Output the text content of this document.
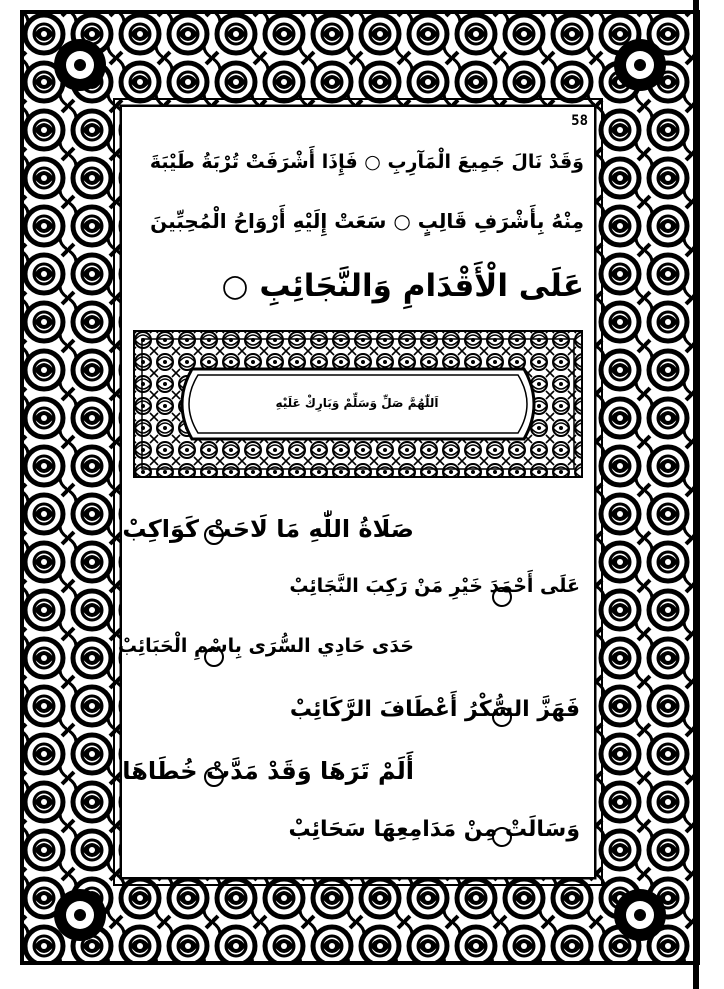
58
وَقَدْ نَالَ جَمِيعَ الْمَآرِبِ ○ فَإِذَا أَشْرَفَتْ تُرْبَةُ طَيْبَةَ
مِنْهُ بِأَشْرَفِ قَالِبٍ ○ سَعَتْ إِلَيْهِ أَرْوَاحُ الْمُحِبِّينَ
عَلَى الْأَقْدَامِ وَالنَّجَائِبِ ○
اَللّٰهُمَّ صَلِّ وَسَلِّمْ وَبَارِكْ عَلَيْهِ
صَلَاةُ اللّٰهِ مَا لَاحَتْ كَوَاكِبْ
عَلَى أَحْمَدَ خَيْرِ مَنْ رَكِبَ النَّجَائِبْ
حَدَى حَادِي السُّرَى بِاسْمِ الْحَبَائِبْ
فَهَزَّ السُّكْرُ أَعْطَافَ الرَّكَائِبْ
أَلَمْ تَرَهَا وَقَدْ مَدَّتْ خُطَاهَا
وَسَالَتْ مِنْ مَدَامِعِهَا سَحَائِبْ
